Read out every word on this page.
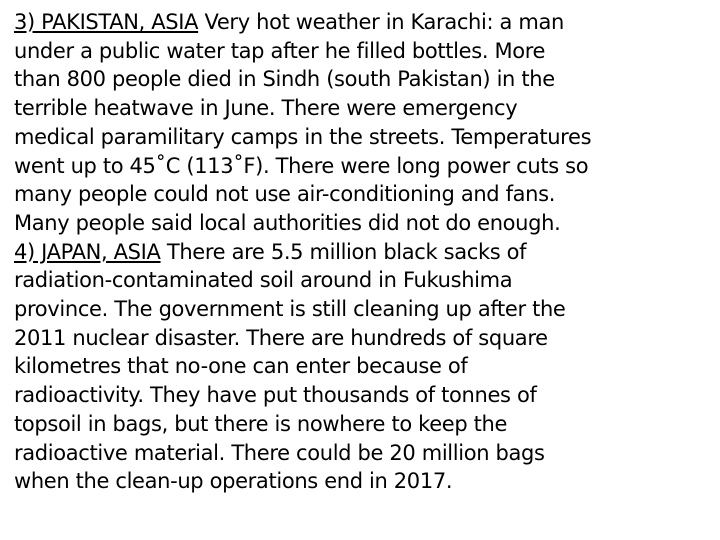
3) PAKISTAN, ASIA Very hot weather in Karachi: a man
under a public water tap after he filled bottles. More
than 800 people died in Sindh (south Pakistan) in the
terrible heatwave in June. There were emergency
medical paramilitary camps in the streets. Temperatures
went up to 45˚C (113˚F). There were long power cuts so
many people could not use air-conditioning and fans.
Many people said local authorities did not do enough.
4) JAPAN, ASIA There are 5.5 million black sacks of
radiation-contaminated soil around in Fukushima
province. The government is still cleaning up after the
2011 nuclear disaster. There are hundreds of square
kilometres that no-one can enter because of
radioactivity. They have put thousands of tonnes of
topsoil in bags, but there is nowhere to keep the
radioactive material. There could be 20 million bags
when the clean-up operations end in 2017.
